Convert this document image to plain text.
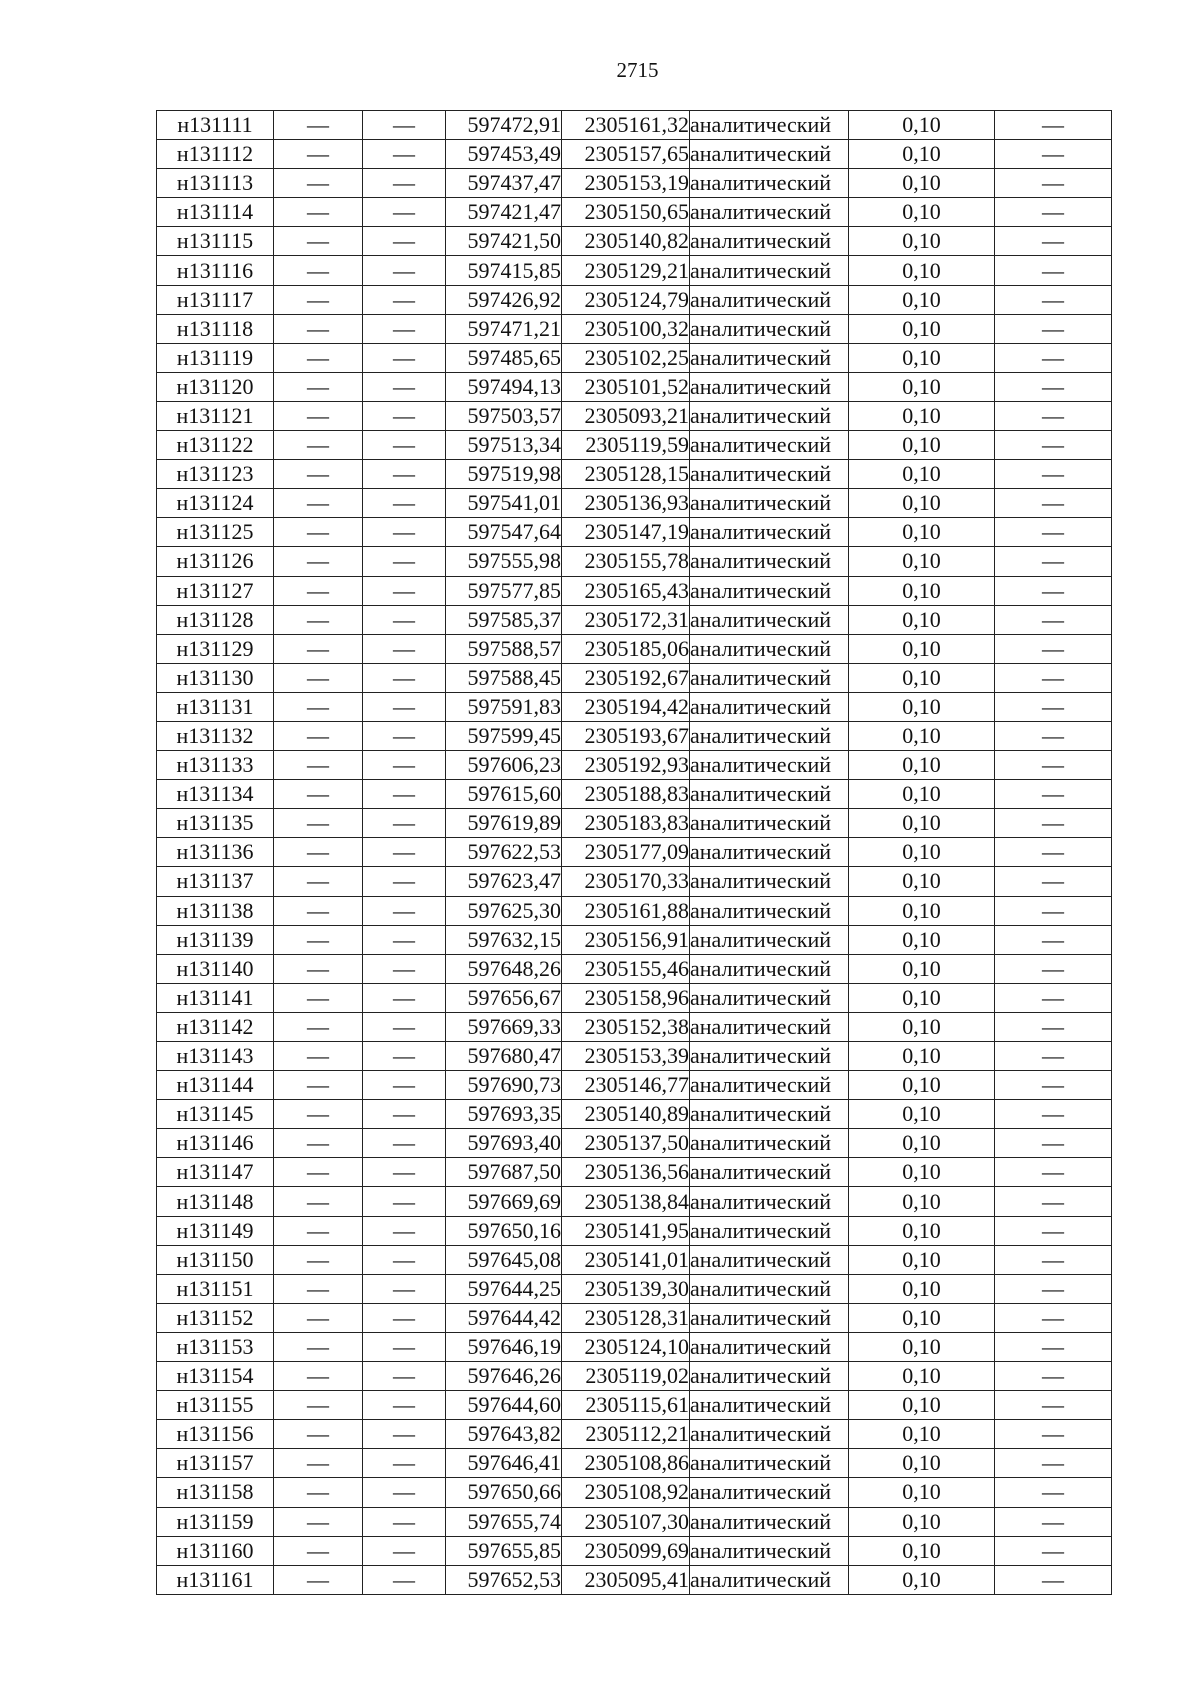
2715
н131111	—	—	597472,91	2305161,32	аналитический	0,10	—
н131112	—	—	597453,49	2305157,65	аналитический	0,10	—
н131113	—	—	597437,47	2305153,19	аналитический	0,10	—
н131114	—	—	597421,47	2305150,65	аналитический	0,10	—
н131115	—	—	597421,50	2305140,82	аналитический	0,10	—
н131116	—	—	597415,85	2305129,21	аналитический	0,10	—
н131117	—	—	597426,92	2305124,79	аналитический	0,10	—
н131118	—	—	597471,21	2305100,32	аналитический	0,10	—
н131119	—	—	597485,65	2305102,25	аналитический	0,10	—
н131120	—	—	597494,13	2305101,52	аналитический	0,10	—
н131121	—	—	597503,57	2305093,21	аналитический	0,10	—
н131122	—	—	597513,34	2305119,59	аналитический	0,10	—
н131123	—	—	597519,98	2305128,15	аналитический	0,10	—
н131124	—	—	597541,01	2305136,93	аналитический	0,10	—
н131125	—	—	597547,64	2305147,19	аналитический	0,10	—
н131126	—	—	597555,98	2305155,78	аналитический	0,10	—
н131127	—	—	597577,85	2305165,43	аналитический	0,10	—
н131128	—	—	597585,37	2305172,31	аналитический	0,10	—
н131129	—	—	597588,57	2305185,06	аналитический	0,10	—
н131130	—	—	597588,45	2305192,67	аналитический	0,10	—
н131131	—	—	597591,83	2305194,42	аналитический	0,10	—
н131132	—	—	597599,45	2305193,67	аналитический	0,10	—
н131133	—	—	597606,23	2305192,93	аналитический	0,10	—
н131134	—	—	597615,60	2305188,83	аналитический	0,10	—
н131135	—	—	597619,89	2305183,83	аналитический	0,10	—
н131136	—	—	597622,53	2305177,09	аналитический	0,10	—
н131137	—	—	597623,47	2305170,33	аналитический	0,10	—
н131138	—	—	597625,30	2305161,88	аналитический	0,10	—
н131139	—	—	597632,15	2305156,91	аналитический	0,10	—
н131140	—	—	597648,26	2305155,46	аналитический	0,10	—
н131141	—	—	597656,67	2305158,96	аналитический	0,10	—
н131142	—	—	597669,33	2305152,38	аналитический	0,10	—
н131143	—	—	597680,47	2305153,39	аналитический	0,10	—
н131144	—	—	597690,73	2305146,77	аналитический	0,10	—
н131145	—	—	597693,35	2305140,89	аналитический	0,10	—
н131146	—	—	597693,40	2305137,50	аналитический	0,10	—
н131147	—	—	597687,50	2305136,56	аналитический	0,10	—
н131148	—	—	597669,69	2305138,84	аналитический	0,10	—
н131149	—	—	597650,16	2305141,95	аналитический	0,10	—
н131150	—	—	597645,08	2305141,01	аналитический	0,10	—
н131151	—	—	597644,25	2305139,30	аналитический	0,10	—
н131152	—	—	597644,42	2305128,31	аналитический	0,10	—
н131153	—	—	597646,19	2305124,10	аналитический	0,10	—
н131154	—	—	597646,26	2305119,02	аналитический	0,10	—
н131155	—	—	597644,60	2305115,61	аналитический	0,10	—
н131156	—	—	597643,82	2305112,21	аналитический	0,10	—
н131157	—	—	597646,41	2305108,86	аналитический	0,10	—
н131158	—	—	597650,66	2305108,92	аналитический	0,10	—
н131159	—	—	597655,74	2305107,30	аналитический	0,10	—
н131160	—	—	597655,85	2305099,69	аналитический	0,10	—
н131161	—	—	597652,53	2305095,41	аналитический	0,10	—
